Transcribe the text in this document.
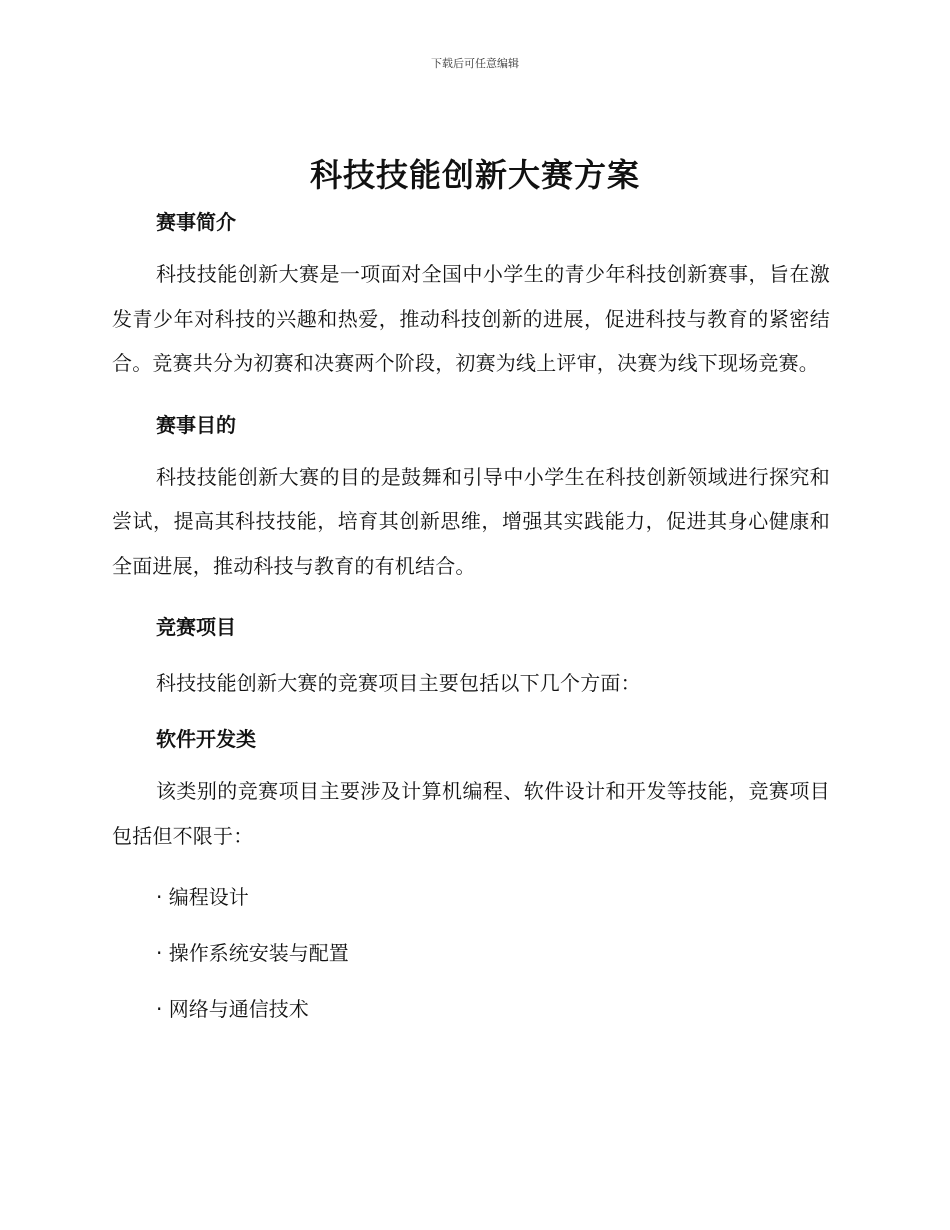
下载后可任意编辑
科技技能创新大赛方案
赛事简介

科技技能创新大赛是一项面对全国中小学生的青少年科技创新赛事，旨在激发青少年对科技的兴趣和热爱，推动科技创新的进展，促进科技与教育的紧密结合。竞赛共分为初赛和决赛两个阶段，初赛为线上评审，决赛为线下现场竞赛。

赛事目的

科技技能创新大赛的目的是鼓舞和引导中小学生在科技创新领域进行探究和尝试，提高其科技技能，培育其创新思维，增强其实践能力，促进其身心健康和全面进展，推动科技与教育的有机结合。

竞赛项目

科技技能创新大赛的竞赛项目主要包括以下几个方面：

软件开发类

该类别的竞赛项目主要涉及计算机编程、软件设计和开发等技能，竞赛项目包括但不限于：

· 编程设计

· 操作系统安装与配置

· 网络与通信技术
